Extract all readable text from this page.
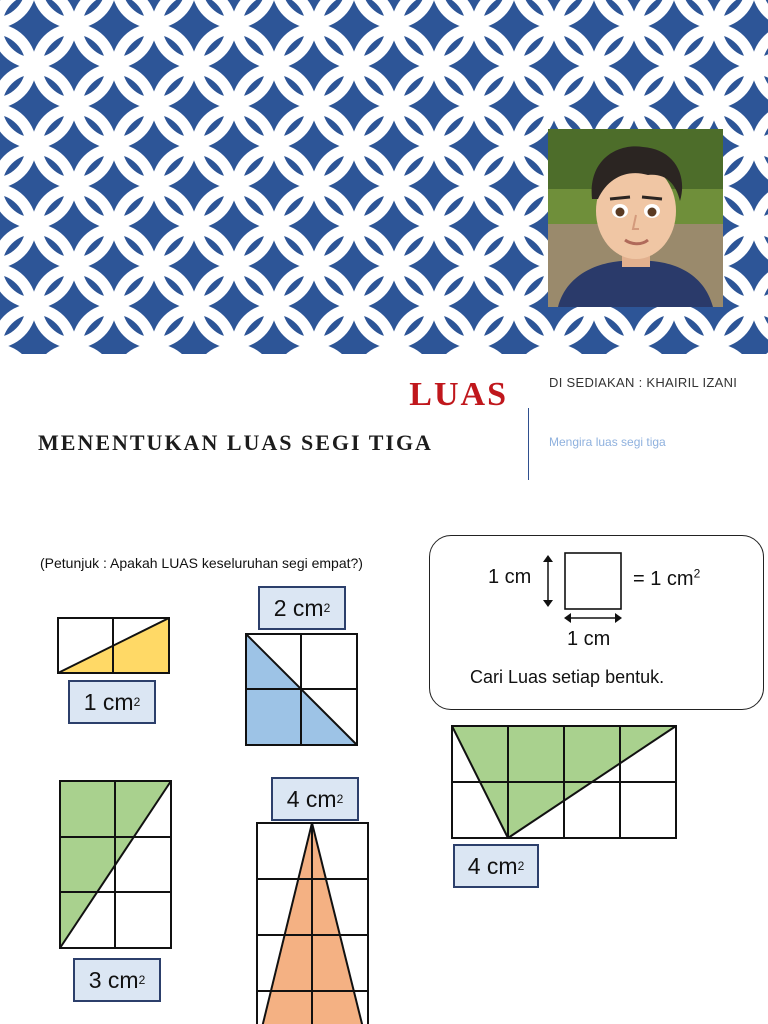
LUAS
MENENTUKAN LUAS SEGI TIGA
DI SEDIAKAN : KHAIRIL IZANI
Mengira luas segi tiga
(Petunjuk : Apakah LUAS keseluruhan segi empat?)
1 cm	= 1 $cm^2$
1 cm
Cari Luas setiap bentuk.
1 cm 2
2 cm 2
3 cm 2
4 cm 2
4 cm 2
